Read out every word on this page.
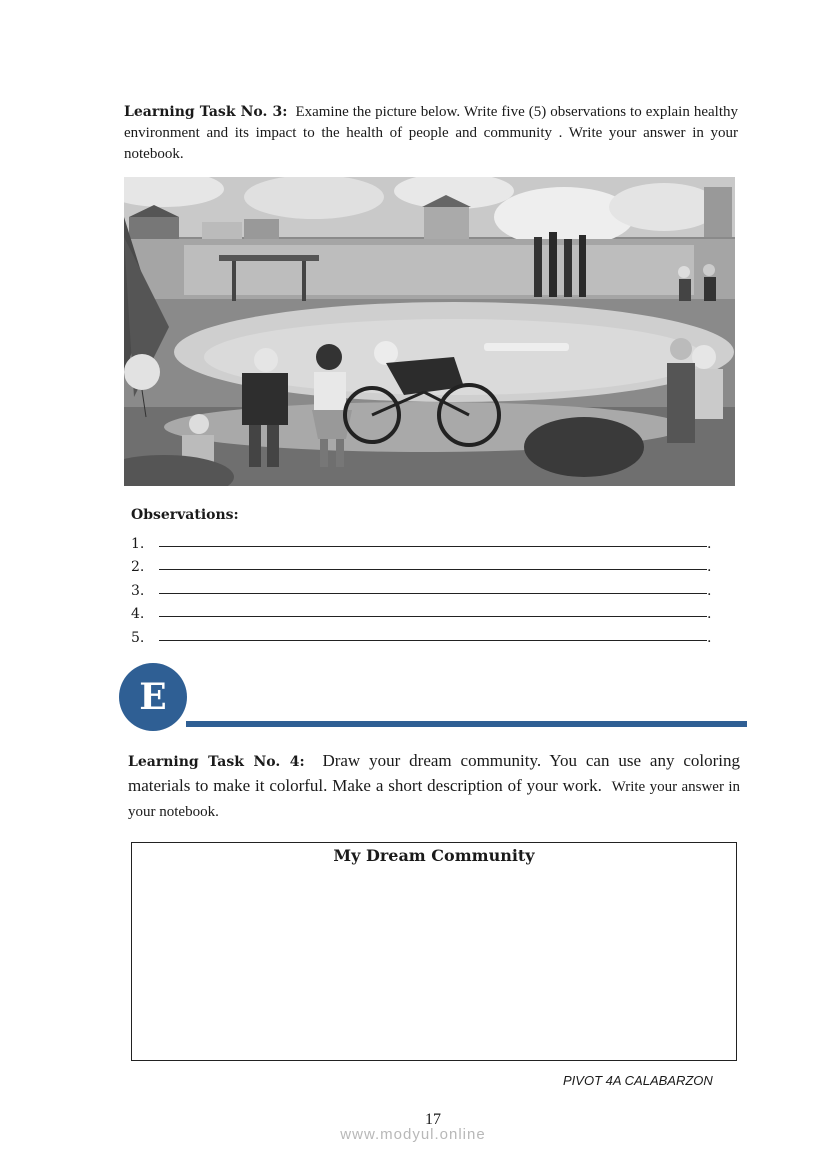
Learning Task No. 3: Examine the picture below. Write five (5) observations to explain healthy environment and its impact to the health of people and community . Write your answer in your notebook.
Observations:
1.	.
2.	.
3.	.
4.	.
5.	.
E
Learning Task No. 4: Draw your dream community. You can use any coloring materials to make it colorful. Make a short description of your work. Write your answer in your notebook.
My Dream Community
PIVOT 4A CALABARZON
17
www.modyul.online
